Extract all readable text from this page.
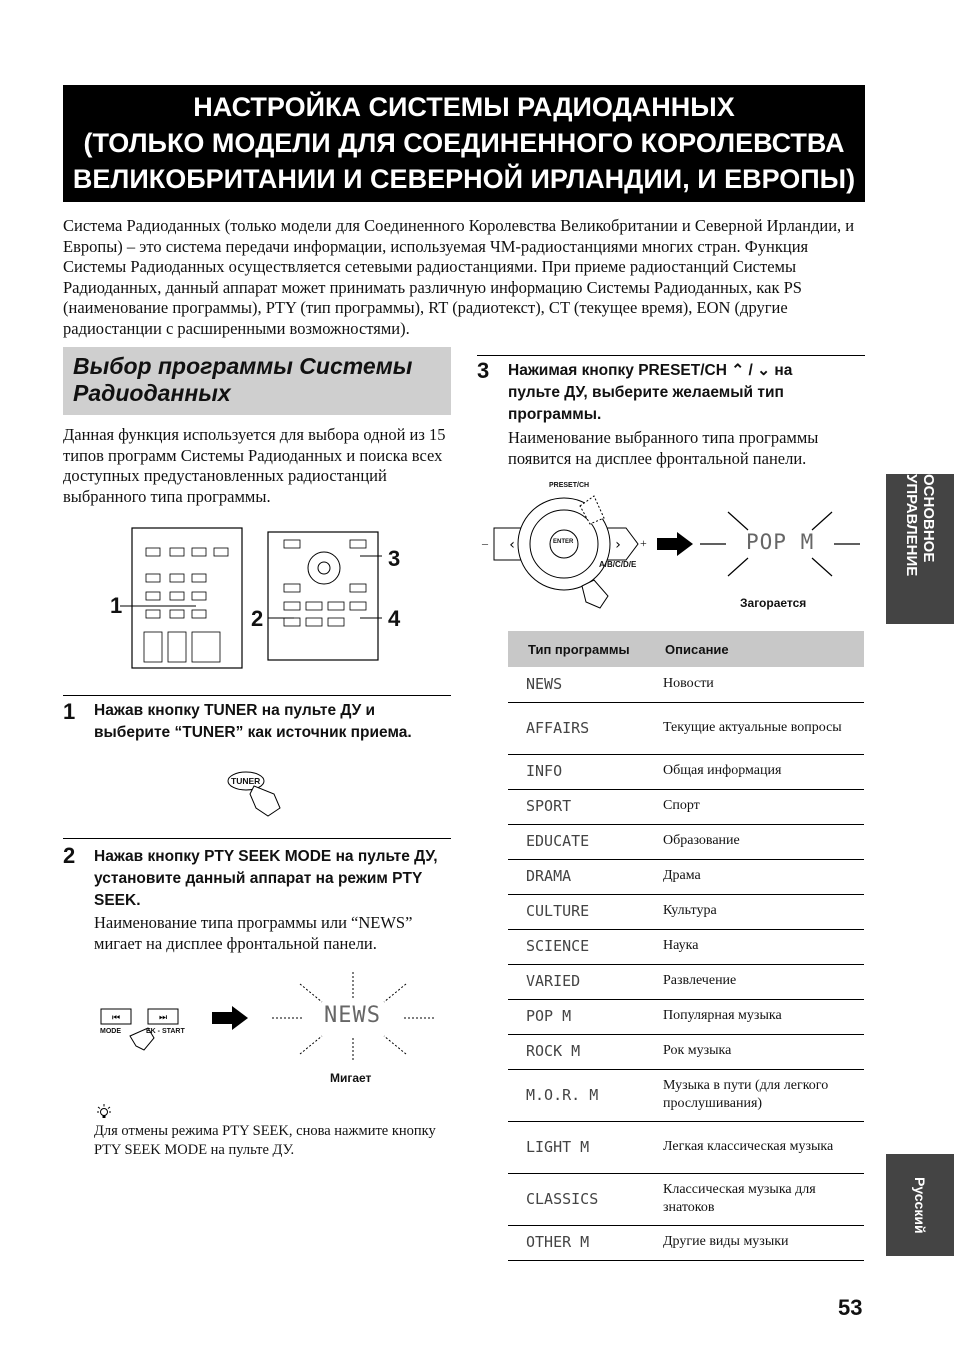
НАСТРОЙКА СИСТЕМЫ РАДИОДАННЫХ
(ТОЛЬКО МОДЕЛИ ДЛЯ СОЕДИНЕННОГО КОРОЛЕВСТВА
ВЕЛИКОБРИТАНИИ И СЕВЕРНОЙ ИРЛАНДИИ, И ЕВРОПЫ)
Система Радиоданных (только модели для Соединенного Королевства Великобритании и Северной Ирландии, и Европы) – это система передачи информации, используемая ЧМ-радиостанциями многих стран. Функция Системы Радиоданных осуществляется сетевыми радиостанциями. При приеме радиостанций Системы Радиоданных, данный аппарат может принимать различную информацию Системы Радиоданных, как PS (наименование программы), PTY (тип программы), RT (радиотекст), CT (текущее время), EON (другие радиостанции с расширенными возможностями).
Выбор программы Системы Радиоданных
Данная функция используется для выбора одной из 15 типов программ Системы Радиоданных и поиска всех доступных предустановленных радиостанций выбранного типа программы.
1
2
3
4
1 Нажав кнопку TUNER на пульте ДУ и выберите “TUNER” как источник приема.
TUNER
2 Нажав кнопку PTY SEEK MODE на пульте ДУ, установите данный аппарат на режим PTY SEEK.
Наименование типа программы или “NEWS” мигает на дисплее фронтальной панели.
⏮	⏭
MODE	EK - START
NEWS
Мигает
Для отмены режима PTY SEEK, снова нажмите кнопку PTY SEEK MODE на пульте ДУ.
3 Нажимая кнопку PRESET/CH ⌃ / ⌄ на пульте ДУ, выберите желаемый тип программы.
Наименование выбранного типа программы появится на дисплее фронтальной панели.
PRESET/CH
‹	›
ENTER
A/B/C/D/E
–	+	POP M
Загорается
Тип программы	Описание
NEWS	Новости
AFFAIRS	Текущие актуальные вопросы
INFO	Общая информация
SPORT	Спорт
EDUCATE	Образование
DRAMA	Драма
CULTURE	Культура
SCIENCE	Наука
VARIED	Развлечение
POP M	Популярная музыка
ROCK M	Рок музыка
M.O.R. M	Музыка в пути (для легкого прослушивания)
LIGHT M	Легкая классическая музыка
CLASSICS	Классическая музыка для знатоков
OTHER M	Другие виды музыки
ОСНОВНОЕ УПРАВЛЕНИЕ
Русский
53
